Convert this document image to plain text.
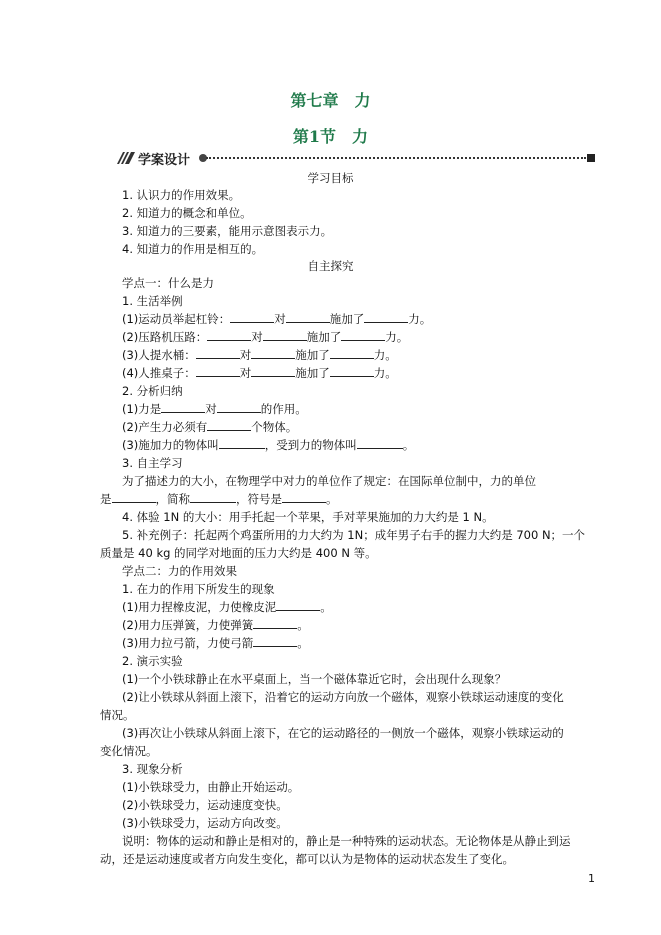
第七章　力
第1节　力
学案设计
学习目标
1. 认识力的作用效果。
2. 知道力的概念和单位。
3. 知道力的三要素，能用示意图表示力。
4. 知道力的作用是相互的。
自主探究
学点一：什么是力
1. 生活举例
(1)运动员举起杠铃：	对	施加了	力。
(2)压路机压路：	对	施加了	力。
(3)人提水桶：	对	施加了	力。
(4)人推桌子：	对	施加了	力。
2. 分析归纳
(1)力是	对	的作用。
(2)产生力必须有	个物体。
(3)施加力的物体叫	，受到力的物体叫	。
3. 自主学习
为了描述力的大小，在物理学中对力的单位作了规定：在国际单位制中，力的单位
是	，简称	，符号是	。
4. 体验 1N 的大小：用手托起一个苹果，手对苹果施加的力大约是 1 N。
5. 补充例子：托起两个鸡蛋所用的力大约为 1N；成年男子右手的握力大约是 700 N；一个
质量是 40 kg 的同学对地面的压力大约是 400 N 等。
学点二：力的作用效果
1. 在力的作用下所发生的现象
(1)用力捏橡皮泥，力使橡皮泥	。
(2)用力压弹簧，力使弹簧	。
(3)用力拉弓箭，力使弓箭	。
2. 演示实验
(1)一个小铁球静止在水平桌面上，当一个磁体靠近它时，会出现什么现象？
(2)让小铁球从斜面上滚下，沿着它的运动方向放一个磁体，观察小铁球运动速度的变化
情况。
(3)再次让小铁球从斜面上滚下，在它的运动路径的一侧放一个磁体，观察小铁球运动的
变化情况。
3. 现象分析
(1)小铁球受力，由静止开始运动。
(2)小铁球受力，运动速度变快。
(3)小铁球受力，运动方向改变。
说明：物体的运动和静止是相对的，静止是一种特殊的运动状态。无论物体是从静止到运
动，还是运动速度或者方向发生变化，都可以认为是物体的运动状态发生了变化。
1
